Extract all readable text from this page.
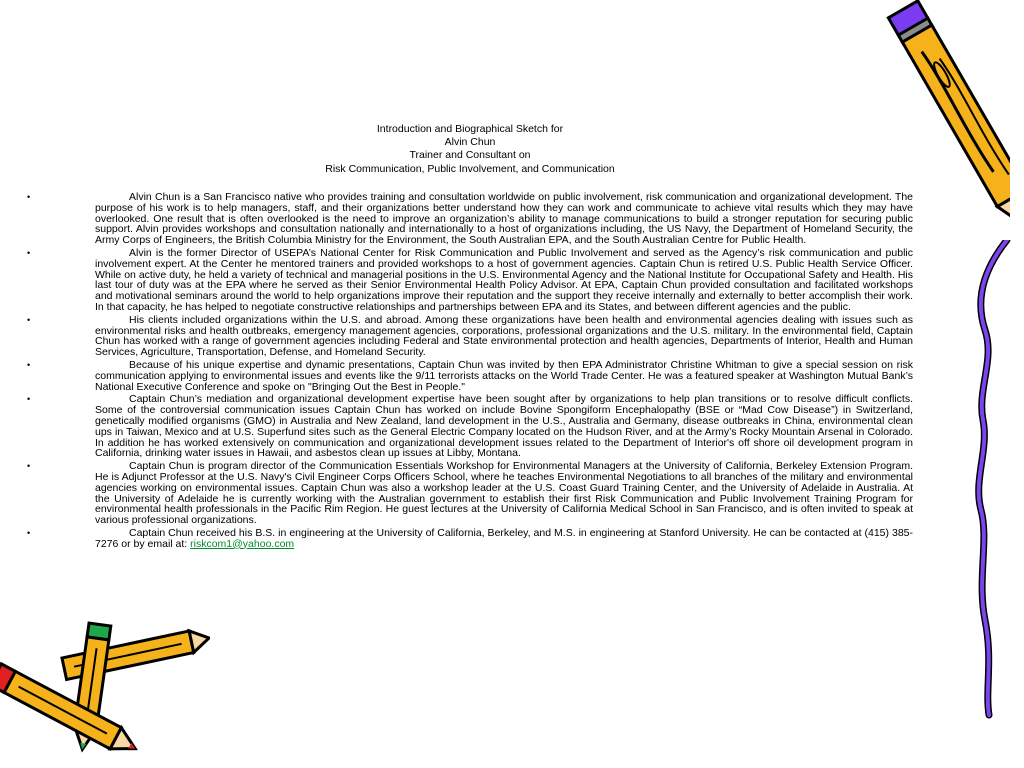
Introduction and Biographical Sketch for
Alvin Chun
Trainer and Consultant on
Risk Communication, Public Involvement, and Communication
•	Alvin Chun is a San Francisco native who provides training and consultation worldwide on public involvement, risk communication and organizational development. The purpose of his work is to help managers, staff, and their organizations better understand how they can work and communicate to achieve vital results which they may have overlooked. One result that is often overlooked is the need to improve an organization’s ability to manage communications to build a stronger reputation for securing public support. Alvin provides workshops and consultation nationally and internationally to a host of organizations including, the US Navy, the Department of Homeland Security, the Army Corps of Engineers, the British Columbia Ministry for the Environment, the South Australian EPA, and the South Australian Centre for Public Health.
•	Alvin is the former Director of USEPA’s National Center for Risk Communication and Public Involvement and served as the Agency’s risk communication and public involvement expert. At the Center he mentored trainers and provided workshops to a host of government agencies. Captain Chun is retired U.S. Public Health Service Officer. While on active duty, he held a variety of technical and managerial positions in the U.S. Environmental Agency and the National Institute for Occupational Safety and Health. His last tour of duty was at the EPA where he served as their Senior Environmental Health Policy Advisor. At EPA, Captain Chun provided consultation and facilitated workshops and motivational seminars around the world to help organizations improve their reputation and the support they receive internally and externally to better accomplish their work. In that capacity, he has helped to negotiate constructive relationships and partnerships between EPA and its States, and between different agencies and the public.
•	His clients included organizations within the U.S. and abroad. Among these organizations have been health and environmental agencies dealing with issues such as environmental risks and health outbreaks, emergency management agencies, corporations, professional organizations and the U.S. military. In the environmental field, Captain Chun has worked with a range of government agencies including Federal and State environmental protection and health agencies, Departments of Interior, Health and Human Services, Agriculture, Transportation, Defense, and Homeland Security.
•	Because of his unique expertise and dynamic presentations, Captain Chun was invited by then EPA Administrator Christine Whitman to give a special session on risk communication applying to environmental issues and events like the 9/11 terrorists attacks on the World Trade Center. He was a featured speaker at Washington Mutual Bank’s National Executive Conference and spoke on "Bringing Out the Best in People."
•	Captain Chun’s mediation and organizational development expertise have been sought after by organizations to help plan transitions or to resolve difficult conflicts. Some of the controversial communication issues Captain Chun has worked on include Bovine Spongiform Encephalopathy (BSE or “Mad Cow Disease”) in Switzerland, genetically modified organisms (GMO) in Australia and New Zealand, land development in the U.S., Australia and Germany, disease outbreaks in China, environmental clean ups in Taiwan, Mexico and at U.S. Superfund sites such as the General Electric Company located on the Hudson River, and at the Army’s Rocky Mountain Arsenal in Colorado. In addition he has worked extensively on communication and organizational development issues related to the Department of Interior's off shore oil development program in California, drinking water issues in Hawaii, and asbestos clean up issues at Libby, Montana.
•	Captain Chun is program director of the Communication Essentials Workshop for Environmental Managers at the University of California, Berkeley Extension Program. He is Adjunct Professor at the U.S. Navy's Civil Engineer Corps Officers School, where he teaches Environmental Negotiations to all branches of the military and environmental agencies working on environmental issues. Captain Chun was also a workshop leader at the U.S. Coast Guard Training Center, and the University of Adelaide in Australia. At the University of Adelaide he is currently working with the Australian government to establish their first Risk Communication and Public Involvement Training Program for environmental health professionals in the Pacific Rim Region. He guest lectures at the University of California Medical School in San Francisco, and is often invited to speak at various professional organizations.
•	Captain Chun received his B.S. in engineering at the University of California, Berkeley, and M.S. in engineering at Stanford University. He can be contacted at (415) 385-7276 or by email at: riskcom1@yahoo.com
